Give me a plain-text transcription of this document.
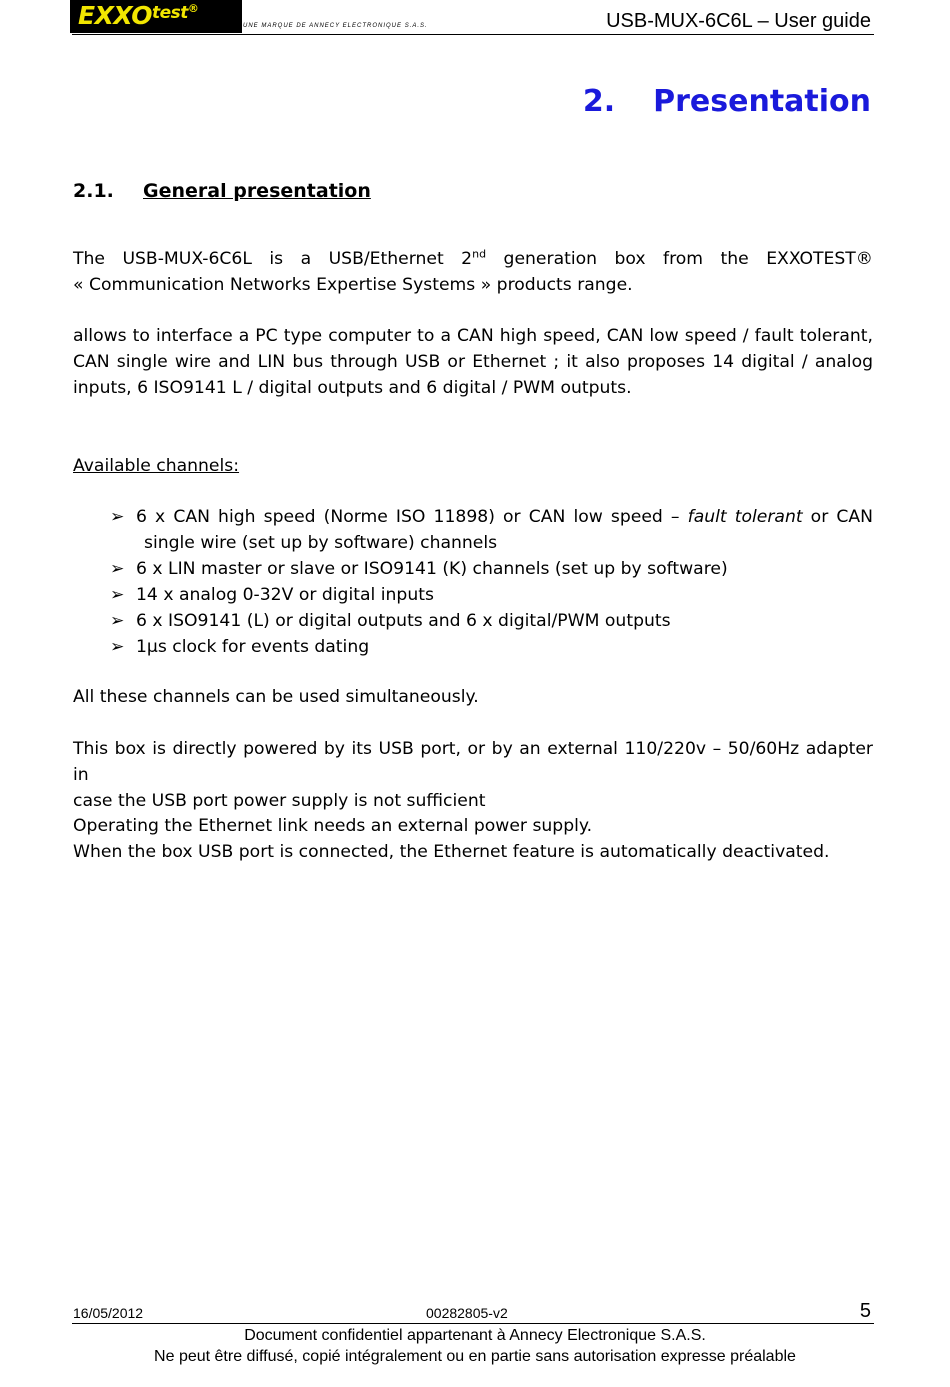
$EXXO^{test®}$
UNE MARQUE DE ANNECY ELECTRONIQUE S.A.S.	USB-MUX-6C6L – User guide
2. Presentation
2.1. General presentation
The USB-MUX-6C6L is a USB/Ethernet 2nd generation box from the EXXOTEST®
« Communication Networks Expertise Systems » products range.
allows to interface a PC type computer to a CAN high speed, CAN low speed / fault tolerant,
CAN single wire and LIN bus through USB or Ethernet ; it also proposes 14 digital / analog
inputs, 6 ISO9141 L / digital outputs and 6 digital / PWM outputs.
Available channels:
➢ 6 x CAN high speed (Norme ISO 11898) or CAN low speed – fault tolerant or CAN
single wire (set up by software) channels
➢ 6 x LIN master or slave or ISO9141 (K) channels (set up by software)
➢ 14 x analog 0-32V or digital inputs
➢ 6 x ISO9141 (L) or digital outputs and 6 x digital/PWM outputs
➢ 1µs clock for events dating
All these channels can be used simultaneously.
This box is directly powered by its USB port, or by an external 110/220v – 50/60Hz adapter in
case the USB port power supply is not sufficient
Operating the Ethernet link needs an external power supply.
When the box USB port is connected, the Ethernet feature is automatically deactivated.
16/05/2012	00282805-v2	5
Document confidentiel appartenant à Annecy Electronique S.A.S.
Ne peut être diffusé, copié intégralement ou en partie sans autorisation expresse préalable
